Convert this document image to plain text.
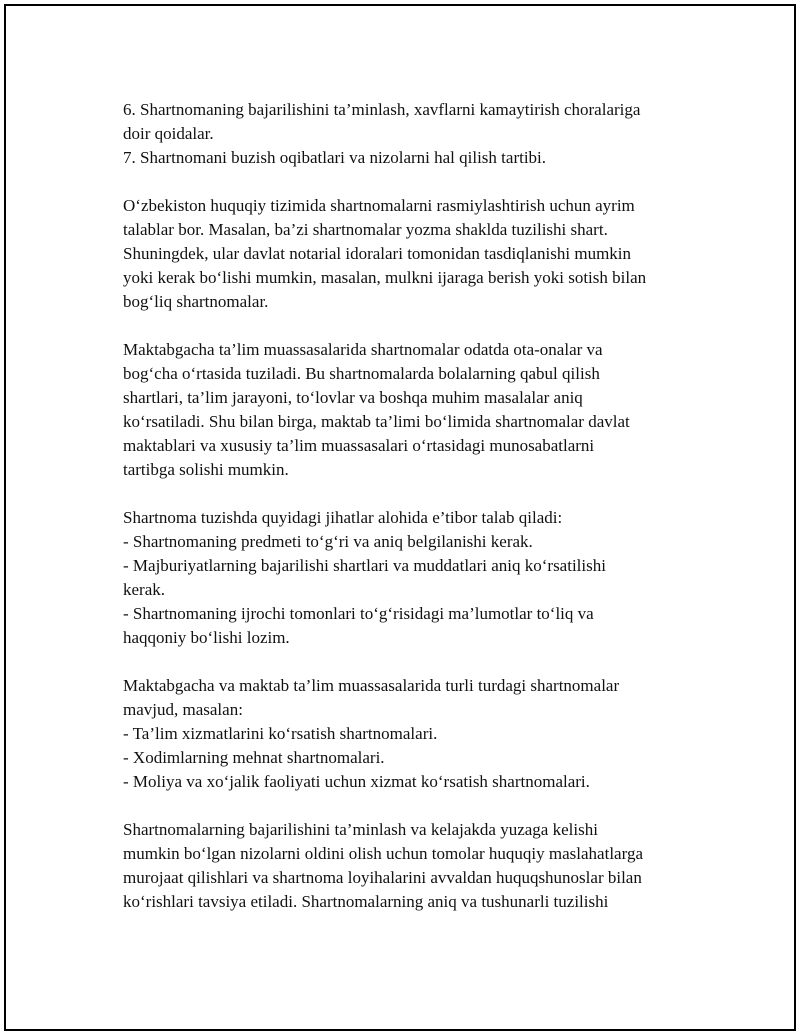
6. Shartnomaning bajarilishini ta’minlash, xavflarni kamaytirish choralariga
doir qoidalar.
7. Shartnomani buzish oqibatlari va nizolarni hal qilish tartibi.
O‘zbekiston huquqiy tizimida shartnomalarni rasmiylashtirish uchun ayrim
talablar bor. Masalan, ba’zi shartnomalar yozma shaklda tuzilishi shart.
Shuningdek, ular davlat notarial idoralari tomonidan tasdiqlanishi mumkin
yoki kerak bo‘lishi mumkin, masalan, mulkni ijaraga berish yoki sotish bilan
bog‘liq shartnomalar.
Maktabgacha ta’lim muassasalarida shartnomalar odatda ota-onalar va
bog‘cha o‘rtasida tuziladi. Bu shartnomalarda bolalarning qabul qilish
shartlari, ta’lim jarayoni, to‘lovlar va boshqa muhim masalalar aniq
ko‘rsatiladi. Shu bilan birga, maktab ta’limi bo‘limida shartnomalar davlat
maktablari va xususiy ta’lim muassasalari o‘rtasidagi munosabatlarni
tartibga solishi mumkin.
Shartnoma tuzishda quyidagi jihatlar alohida e’tibor talab qiladi:
- Shartnomaning predmeti to‘g‘ri va aniq belgilanishi kerak.
- Majburiyatlarning bajarilishi shartlari va muddatlari aniq ko‘rsatilishi
kerak.
- Shartnomaning ijrochi tomonlari to‘g‘risidagi ma’lumotlar to‘liq va
haqqoniy bo‘lishi lozim.
Maktabgacha va maktab ta’lim muassasalarida turli turdagi shartnomalar
mavjud, masalan:
- Ta’lim xizmatlarini ko‘rsatish shartnomalari.
- Xodimlarning mehnat shartnomalari.
- Moliya va xo‘jalik faoliyati uchun xizmat ko‘rsatish shartnomalari.
Shartnomalarning bajarilishini ta’minlash va kelajakda yuzaga kelishi
mumkin bo‘lgan nizolarni oldini olish uchun tomolar huquqiy maslahatlarga
murojaat qilishlari va shartnoma loyihalarini avvaldan huquqshunoslar bilan
ko‘rishlari tavsiya etiladi. Shartnomalarning aniq va tushunarli tuzilishi
